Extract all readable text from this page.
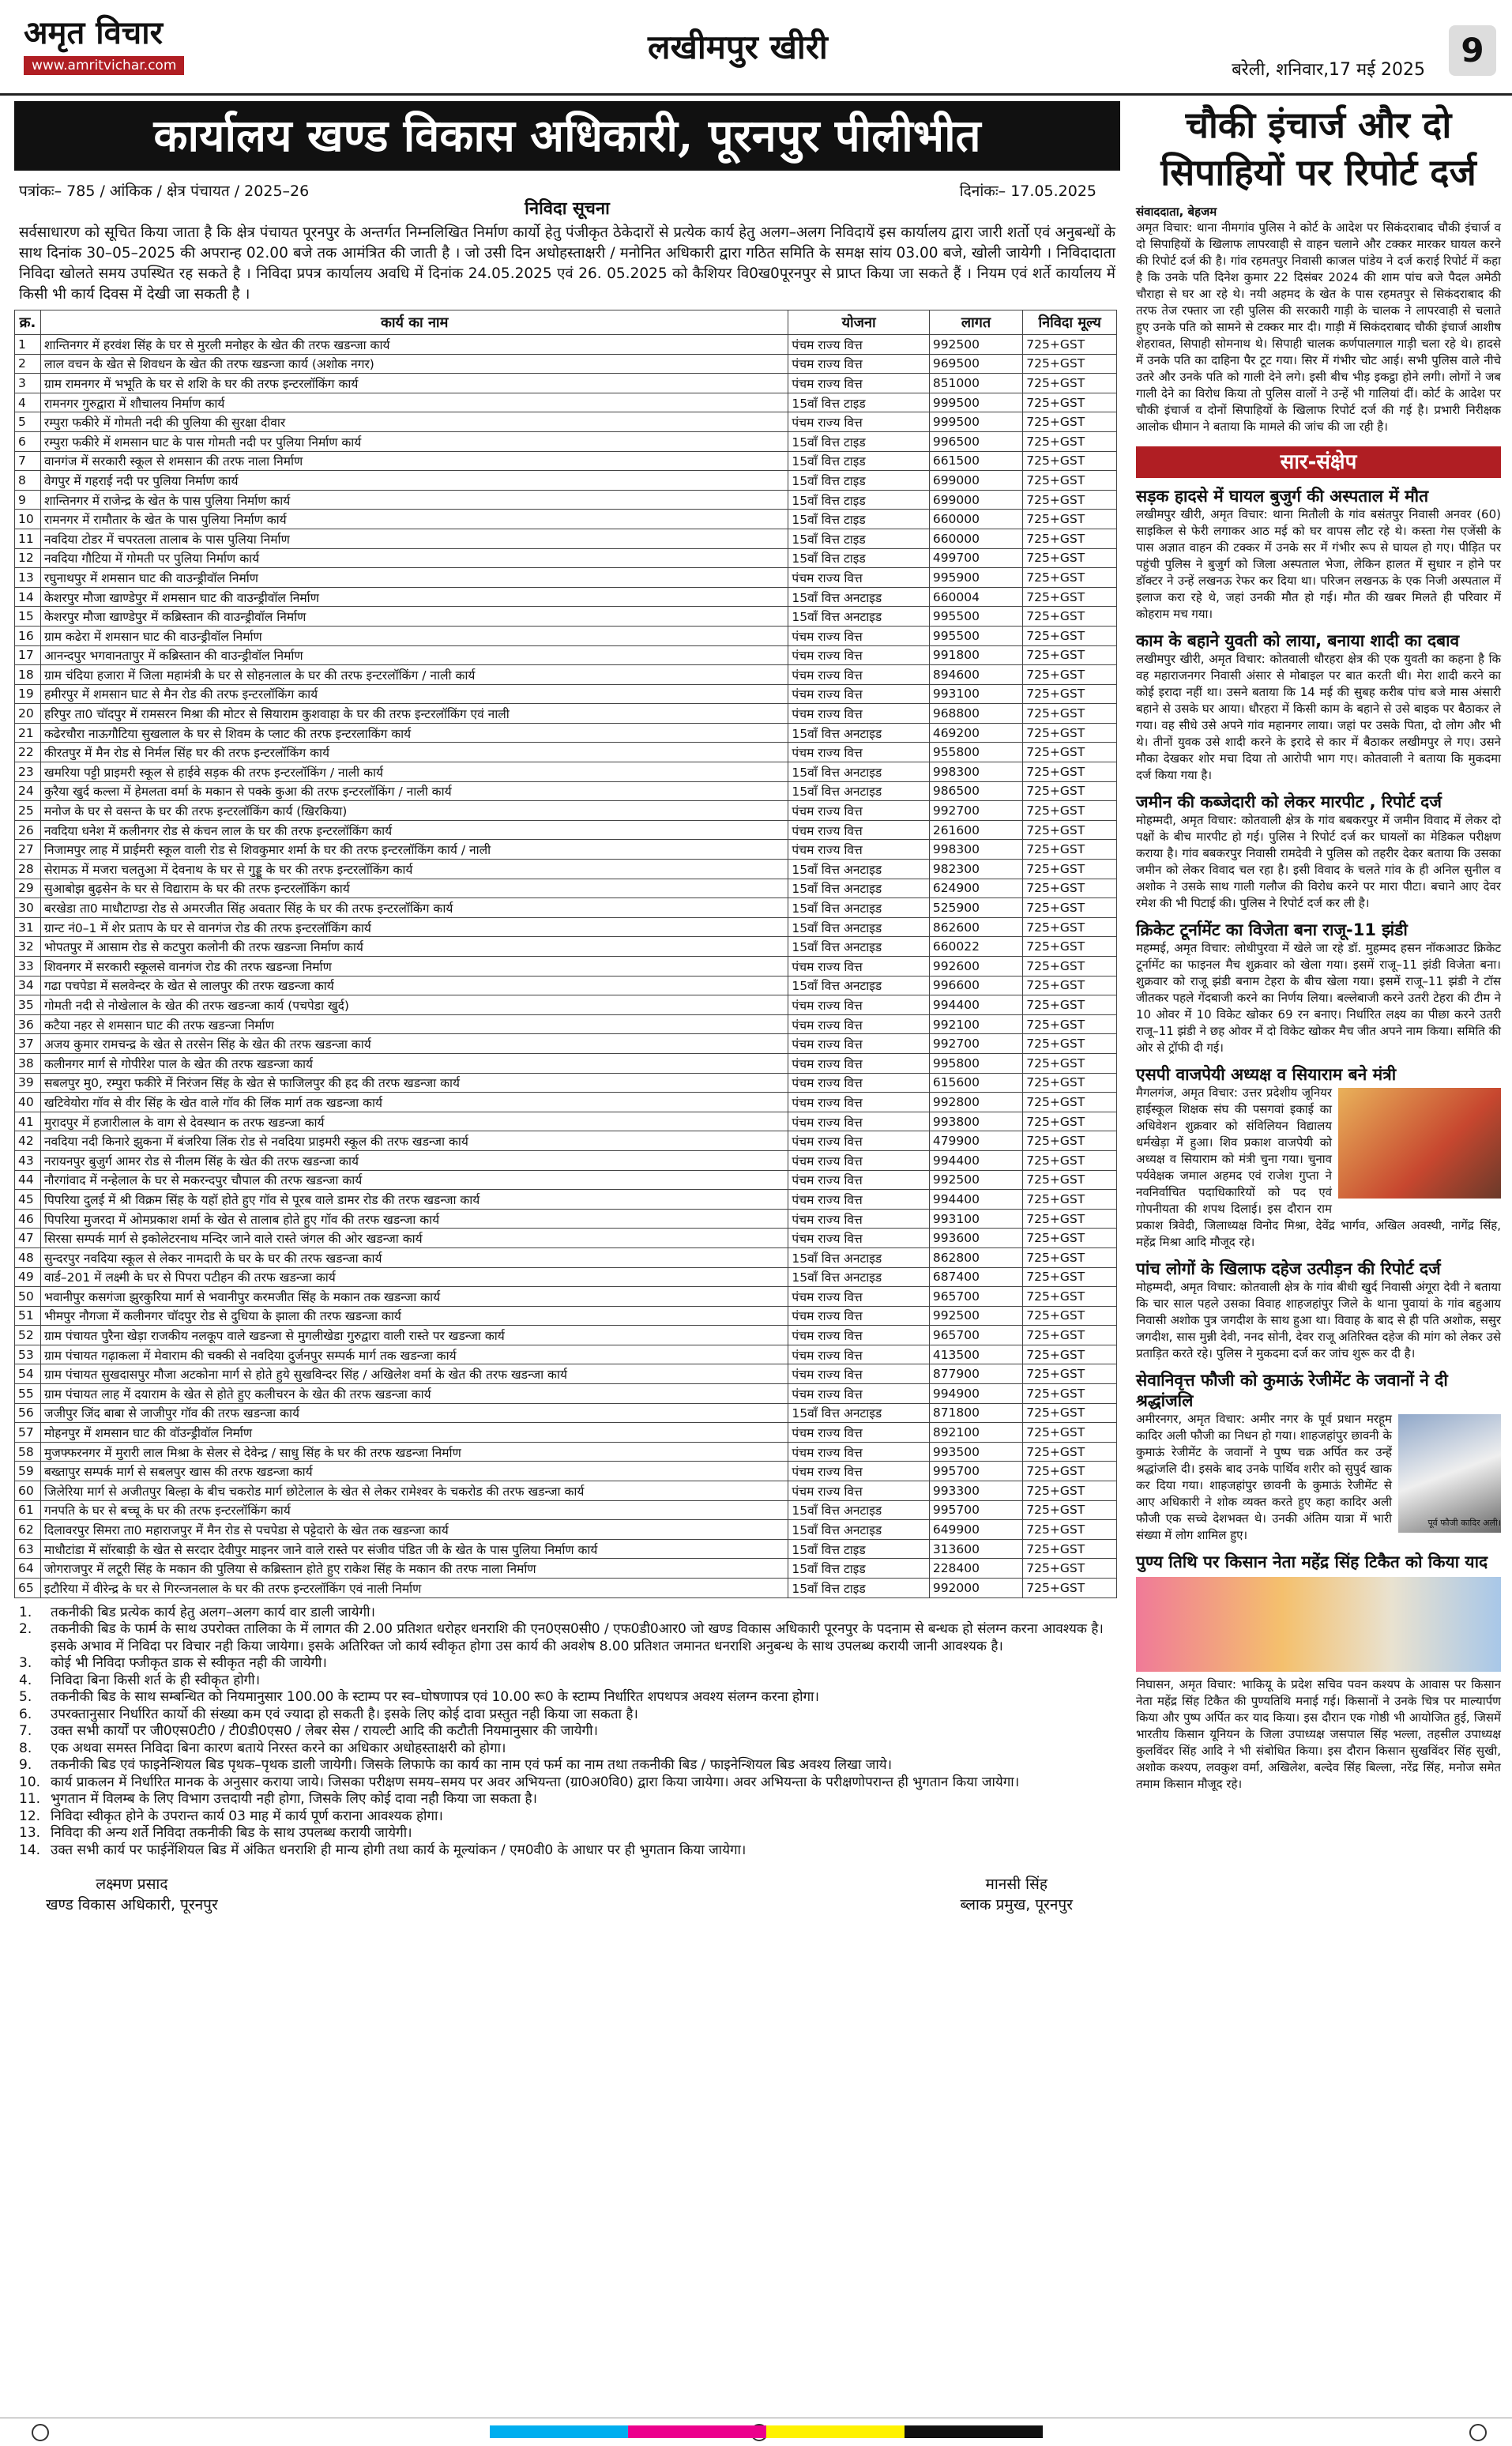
अमृत विचार
www.amritvichar.com	लखीमपुर खीरी
बरेली, शनिवार,17 मई 2025
9
कार्यालय खण्ड विकास अधिकारी, पूरनपुर पीलीभीत
पत्रांकः– 785 / आंकिक / क्षेत्र पंचायत / 2025–26	दिनांकः– 17.05.2025
निविदा सूचना
सर्वसाधारण को सूचित किया जाता है कि क्षेत्र पंचायत पूरनपुर के अन्तर्गत निम्नलिखित निर्माण कार्यो हेतु पंजीकृत ठेकेदारों से प्रत्येक कार्य हेतु अलग–अलग निविदायें इस कार्यालय द्वारा जारी शर्तो एवं अनुबन्धों के साथ दिनांक 30–05–2025 की अपरान्ह 02.00 बजे तक आमंत्रित की जाती है । जो उसी दिन अधोहस्ताक्षरी / मनोनित अधिकारी द्वारा गठित समिति के समक्ष सांय 03.00 बजे, खोली जायेगी । निविदादाता निविदा खोलते समय उपस्थित रह सकते है । निविदा प्रपत्र कार्यालय अवधि में दिनांक 24.05.2025 एवं 26. 05.2025 को कैशियर वि0ख0पूरनपुर से प्राप्त किया जा सकते हैं । नियम एवं शर्ते कार्यालय में किसी भी कार्य दिवस में देखी जा सकती है ।
क्र.	कार्य का नाम	योजना	लागत	निविदा मूल्य
1	शान्तिनगर में हरवंश सिंह के घर से मुरली मनोहर के खेत की तरफ खडन्जा कार्य	पंचम राज्य वित्त	992500	725+GST
2	लाल वचन के खेत से शिवधन के खेत की तरफ खडन्जा कार्य (अशोक नगर)	पंचम राज्य वित्त	969500	725+GST
3	ग्राम रामनगर में भभूति के घर से शशि के घर की तरफ इन्टरलॉकिंग कार्य	पंचम राज्य वित्त	851000	725+GST
4	रामनगर गुरुद्वारा में शौचालय निर्माण कार्य	15वॉं वित्त टाइड	999500	725+GST
5	रम्पुरा फकीरे में गोमती नदी की पुलिया की सुरक्षा दीवार	पंचम राज्य वित्त	999500	725+GST
6	रम्पुरा फकीरे में शमसान घाट के पास गोमती नदी पर पुलिया निर्माण कार्य	15वॉं वित्त टाइड	996500	725+GST
7	वानगंज में सरकारी स्कूल से शमसान की तरफ नाला निर्माण	15वॉं वित्त टाइड	661500	725+GST
8	वेगपुर में गहराई नदी पर पुलिया निर्माण कार्य	15वॉं वित्त टाइड	699000	725+GST
9	शान्तिनगर में राजेन्द्र के खेत के पास पुलिया निर्माण कार्य	15वॉं वित्त टाइड	699000	725+GST
10	रामनगर में रामौतार के खेत के पास पुलिया निर्माण कार्य	15वॉं वित्त टाइड	660000	725+GST
11	नवदिया टोडर में चपरतला तालाब के पास पुलिया निर्माण	15वॉं वित्त टाइड	660000	725+GST
12	नवदिया गौटिया में गोमती पर पुलिया निर्माण कार्य	15वॉं वित्त टाइड	499700	725+GST
13	रघुनाथपुर में शमसान घाट की वाउन्ड्रीवॉल निर्माण	पंचम राज्य वित्त	995900	725+GST
14	केशरपुर मौजा खाण्डेपुर में शमसान घाट की वाउन्ड्रीवॉल निर्माण	15वॉं वित्त अनटाइड	660004	725+GST
15	केशरपुर मौजा खाण्डेपुर में कब्रिस्तान की वाउन्ड्रीवॉल निर्माण	15वॉं वित्त अनटाइड	995500	725+GST
16	ग्राम कढेरा में शमसान घाट की वाउन्ड्रीवॉल निर्माण	पंचम राज्य वित्त	995500	725+GST
17	आनन्दपुर भगवानतापुर में कब्रिस्तान की वाउन्ड्रीवॉल निर्माण	पंचम राज्य वित्त	991800	725+GST
18	ग्राम चंदिया हजारा में जिला महामंत्री के घर से सोहनलाल के घर की तरफ इन्टरलॉकिंग / नाली कार्य	पंचम राज्य वित्त	894600	725+GST
19	हमीरपुर में शमसान घाट से मैन रोड की तरफ इन्टरलॉकिंग कार्य	पंचम राज्य वित्त	993100	725+GST
20	हरिपुर ता0 चॉदपुर में रामसरन मिश्रा की मोटर से सियाराम कुशवाहा के घर की तरफ इन्टरलॉकिंग एवं नाली	पंचम राज्य वित्त	968800	725+GST
21	कढेरचौरा नाऊगौटिया सुखलाल के घर से शिवम के प्लाट की तरफ इन्टरलाकिंग कार्य	15वॉं वित्त अनटाइड	469200	725+GST
22	कीरतपुर में मैन रोड से निर्मल सिंह घर की तरफ इन्टरलॉकिंग कार्य	पंचम राज्य वित्त	955800	725+GST
23	खमरिया पट्टी प्राइमरी स्कूल से हाईवे सड़क की तरफ इन्टरलॉकिंग / नाली कार्य	15वॉं वित्त अनटाइड	998300	725+GST
24	कुरैया खुर्द कल्ला में हेमलता वर्मा के मकान से पक्के कुआ की तरफ इन्टरलॉकिंग / नाली कार्य	15वॉं वित्त अनटाइड	986500	725+GST
25	मनोज के घर से वसन्त के घर की तरफ इन्टरलॉकिंग कार्य (खिरकिया)	पंचम राज्य वित्त	992700	725+GST
26	नवदिया धनेश में कलीनगर रोड से कंचन लाल के घर की तरफ इन्टरलॉकिंग कार्य	पंचम राज्य वित्त	261600	725+GST
27	निजामपुर लाह में प्राईमरी स्कूल वाली रोड से शिवकुमार शर्मा के घर की तरफ इन्टरलॉकिंग कार्य / नाली	पंचम राज्य वित्त	998300	725+GST
28	सेरामऊ में मजरा चलतुआ में देवनाथ के घर से गुड्डू के घर की तरफ इन्टरलॉकिंग कार्य	15वॉं वित्त अनटाइड	982300	725+GST
29	सुआबोझ बुढ़सेन के घर से विद्याराम के घर की तरफ इन्टरलॉकिंग कार्य	15वॉं वित्त अनटाइड	624900	725+GST
30	बरखेडा ता0 माधौटाण्डा रोड से अमरजीत सिंह अवतार सिंह के घर की तरफ इन्टरलॉकिंग कार्य	15वॉं वित्त अनटाइड	525900	725+GST
31	ग्रान्ट नं0–1 में शेर प्रताप के घर से वानगंज रोड की तरफ इन्टरलॉकिंग कार्य	15वॉं वित्त अनटाइड	862600	725+GST
32	भोपतपुर में आसाम रोड से कटपुरा कलोनी की तरफ खडन्जा निर्माण कार्य	15वॉं वित्त अनटाइड	660022	725+GST
33	शिवनगर में सरकारी स्कूलसे वानगंज रोड की तरफ खडन्जा निर्माण	पंचम राज्य वित्त	992600	725+GST
34	गढा पचपेडा में सलवेन्दर के खेत से लालपुर की तरफ खडन्जा कार्य	15वॉं वित्त अनटाइड	996600	725+GST
35	गोमती नदी से नोखेलाल के खेत की तरफ खडन्जा कार्य (पचपेडा खुर्द)	पंचम राज्य वित्त	994400	725+GST
36	कटैया नहर से शमसान घाट की तरफ खडन्जा निर्माण	पंचम राज्य वित्त	992100	725+GST
37	अजय कुमार रामचन्द्र के खेत से तरसेन सिंह के खेत की तरफ खडन्जा कार्य	पंचम राज्य वित्त	992700	725+GST
38	कलीनगर मार्ग से गोपीरेश पाल के खेत की तरफ खडन्जा कार्य	पंचम राज्य वित्त	995800	725+GST
39	सबलपुर मु0, रम्पुरा फकीरे में निरंजन सिंह के खेत से फाजिलपुर की हद की तरफ खडन्जा कार्य	पंचम राज्य वित्त	615600	725+GST
40	खटिवेयोरा गॉव से वीर सिंह के खेत वाले गॉव की लिंक मार्ग तक खडन्जा कार्य	पंचम राज्य वित्त	992800	725+GST
41	मुरादपुर में हजारीलाल के वाग से देवस्थान क तरफ खडन्जा कार्य	पंचम राज्य वित्त	993800	725+GST
42	नवदिया नदी किनारे झुकना में बंजरिया लिंक रोड से नवदिया प्राइमरी स्कूल की तरफ खडन्जा कार्य	पंचम राज्य वित्त	479900	725+GST
43	नरायनपुर बुजुर्ग आमर रोड से नीलम सिंह के खेत की तरफ खडन्जा कार्य	पंचम राज्य वित्त	994400	725+GST
44	नौरगांवाद में नन्हेलाल के घर से मकरन्दपुर चौपाल की तरफ खडन्जा कार्य	पंचम राज्य वित्त	992500	725+GST
45	पिपरिया दुलई में श्री विक्रम सिंह के यहॉ होते हुए गॉव से पूरब वाले डामर रोड की तरफ खडन्जा कार्य	पंचम राज्य वित्त	994400	725+GST
46	पिपरिया मुजरदा में ओमप्रकाश शर्मा के खेत से तालाब होते हुए गॉव की तरफ खडन्जा कार्य	पंचम राज्य वित्त	993100	725+GST
47	सिरसा सम्पर्क मार्ग से इकोलेटरनाथ मन्दिर जाने वाले रास्ते जंगल की ओर खडन्जा कार्य	पंचम राज्य वित्त	993600	725+GST
48	सुन्दरपुर नवदिया स्कूल से लेकर नामदारी के घर के घर की तरफ खडन्जा कार्य	15वॉं वित्त अनटाइड	862800	725+GST
49	वार्ड–201 में लक्ष्मी के घर से पिपरा पटीहन की तरफ खडन्जा कार्य	15वॉं वित्त अनटाइड	687400	725+GST
50	भवानीपुर कसगंजा झुरकुरिया मार्ग से भवानीपुर करमजीत सिंह के मकान तक खडन्जा कार्य	पंचम राज्य वित्त	965700	725+GST
51	भीमपुर नौगजा में कलीनगर चॉदपुर रोड से दुधिया के झाला की तरफ खडन्जा कार्य	पंचम राज्य वित्त	992500	725+GST
52	ग्राम पंचायत पुरैना खेड़ा राजकीय नलकूप वाले खडन्जा से मुगलीखेडा गुरुद्वारा वाली रास्ते पर खडन्जा कार्य	पंचम राज्य वित्त	965700	725+GST
53	ग्राम पंचायत गढ़ाकला में मेवाराम की चक्की से नवदिया दुर्जनपुर सम्पर्क मार्ग तक खडन्जा कार्य	पंचम राज्य वित्त	413500	725+GST
54	ग्राम पंचायत सुखदासपुर मौजा अटकोना मार्ग से होते हुये सुखविन्दर सिंह / अखिलेश वर्मा के खेत की तरफ खडन्जा कार्य	पंचम राज्य वित्त	877900	725+GST
55	ग्राम पंचायत लाह में दयाराम के खेत से होते हुए कलीचरन के खेत की तरफ खडन्जा कार्य	पंचम राज्य वित्त	994900	725+GST
56	जजीपुर जिंद बाबा से जाजीपुर गॉव की तरफ खडन्जा कार्य	15वॉं वित्त अनटाइड	871800	725+GST
57	मोहनपुर में शमसान घाट की वॉउन्ड्रीवॉल निर्माण	पंचम राज्य वित्त	892100	725+GST
58	मुजफ्फरनगर में मुरारी लाल मिश्रा के सेलर से देवेन्द्र / साधु सिंह के घर की तरफ खडन्जा निर्माण	पंचम राज्य वित्त	993500	725+GST
59	बख्तापुर सम्पर्क मार्ग से सबलपुर खास की तरफ खडन्जा कार्य	पंचम राज्य वित्त	995700	725+GST
60	जिलेरिया मार्ग से अजीतपुर बिल्हा के बीच चकरोड मार्ग छोटेलाल के खेत से लेकर रामेश्वर के चकरोड की तरफ खडन्जा कार्य	पंचम राज्य वित्त	993300	725+GST
61	गनपति के घर से बच्चू के घर की तरफ इन्टरलॉकिंग कार्य	15वॉं वित्त अनटाइड	995700	725+GST
62	दिलावरपुर सिमरा ता0 महाराजपुर में मैन रोड से पचपेडा से पट्टेदारो के खेत तक खडन्जा कार्य	15वॉं वित्त अनटाइड	649900	725+GST
63	माधौटांडा में सॉरबाड़ी के खेत से सरदार देवीपुर माइनर जाने वाले रास्ते पर संजीव पंडित जी के खेत के पास पुलिया निर्माण कार्य	15वॉं वित्त टाइड	313600	725+GST
64	जोगराजपुर में लटूरी सिंह के मकान की पुलिया से कब्रिस्तान होते हुए राकेश सिंह के मकान की तरफ नाला निर्माण	15वॉं वित्त टाइड	228400	725+GST
65	इटौरिया में वीरेन्द्र के घर से गिरन्जनलाल के घर की तरफ इन्टरलॉकिंग एवं नाली निर्माण	15वॉं वित्त टाइड	992000	725+GST
1.	तकनीकी बिड प्रत्येक कार्य हेतु अलग–अलग कार्य वार डाली जायेगी।
2.	तकनीकी बिड के फार्म के साथ उपरोक्त तालिका के में लागत की 2.00 प्रतिशत धरोहर धनराशि की एन0एस0सी0 / एफ0डी0आर0 जो खण्ड विकास अधिकारी पूरनपुर के पदनाम से बन्धक हो संलग्न करना आवश्यक है। इसके अभाव में निविदा पर विचार नही किया जायेगा। इसके अतिरिक्त जो कार्य स्वीकृत होगा उस कार्य की अवशेष 8.00 प्रतिशत जमानत धनराशि अनुबन्ध के साथ उपलब्ध करायी जानी आवश्यक है।
3.	कोई भी निविदा फ्जीकृत डाक से स्वीकृत नही की जायेगी।
4.	निविदा बिना किसी शर्त के ही स्वीकृत होगी।
5.	तकनीकी बिड के साथ सम्बन्धित को नियमानुसार 100.00 के स्टाम्प पर स्व–घोषणापत्र एवं 10.00 रू0 के स्टाम्प निर्धारित शपथपत्र अवश्य संलग्न करना होगा।
6.	उपरक्तानुसार निर्धारित कार्यो की संख्या कम एवं ज्यादा हो सकती है। इसके लिए कोई दावा प्रस्तुत नही किया जा सकता है।
7.	उक्त सभी कार्यों पर जी0एस0टी0 / टी0डी0एस0 / लेबर सेस / रायल्टी आदि की कटौती नियमानुसार की जायेगी।
8.	एक अथवा समस्त निविदा बिना कारण बताये निरस्त करने का अधिकार अधोहस्ताक्षरी को होगा।
9.	तकनीकी बिड एवं फाइनेन्शियल बिड पृथक–पृथक डाली जायेगी। जिसके लिफाफे का कार्य का नाम एवं फर्म का नाम तथा तकनीकी बिड / फाइनेन्शियल बिड अवश्य लिखा जाये।
10. कार्य प्राकलन में निर्धारित मानक के अनुसार कराया जाये। जिसका परीक्षण समय–समय पर अवर अभियन्ता (ग्रा0अ0वि0) द्वारा किया जायेगा। अवर अभियन्ता के परीक्षणोपरान्त ही भुगतान किया जायेगा।
11. भुगतान में विलम्ब के लिए विभाग उत्तदायी नही होगा, जिसके लिए कोई दावा नही किया जा सकता है।
12. निविदा स्वीकृत होने के उपरान्त कार्य 03 माह में कार्य पूर्ण कराना आवश्यक होगा।
13. निविदा की अन्य शर्ते निविदा तकनीकी बिड के साथ उपलब्ध करायी जायेगी।
14. उक्त सभी कार्य पर फाईनेंशियल बिड में अंकित धनराशि ही मान्य होगी तथा कार्य के मूल्यांकन / एम0वी0 के आधार पर ही भुगतान किया जायेगा।
लक्ष्मण प्रसाद
खण्ड विकास अधिकारी, पूरनपुर
मानसी सिंह
ब्लाक प्रमुख, पूरनपुर
चौकी इंचार्ज और दो सिपाहियों पर रिपोर्ट दर्ज
संवाददाता, बेहजम
अमृत विचार: थाना नीमगांव पुलिस ने कोर्ट के आदेश पर सिकंदराबाद चौकी इंचार्ज व दो सिपाहियों के खिलाफ लापरवाही से वाहन चलाने और टक्कर मारकर घायल करने की रिपोर्ट दर्ज की है। गांव रहमतपुर निवासी काजल पांडेय ने दर्ज कराई रिपोर्ट में कहा है कि उनके पति दिनेश कुमार 22 दिसंबर 2024 की शाम पांच बजे पैदल अमेठी चौराहा से घर आ रहे थे। नयी अहमद के खेत के पास रहमतपुर से सिकंदराबाद की तरफ तेज रफ्तार जा रही पुलिस की सरकारी गाड़ी के चालक ने लापरवाही से चलाते हुए उनके पति को सामने से टक्कर मार दी। गाड़ी में सिकंदराबाद चौकी इंचार्ज आशीष शेहरावत, सिपाही सोमनाथ थे। सिपाही चालक कर्णपालगाल गाड़ी चला रहे थे। हादसे में उनके पति का दाहिना पैर टूट गया। सिर में गंभीर चोट आई। सभी पुलिस वाले नीचे उतरे और उनके पति को गाली देने लगे। इसी बीच भीड़ इकट्ठा होने लगी। लोगों ने जब गाली देने का विरोध किया तो पुलिस वालों ने उन्हें भी गालियां दीं। कोर्ट के आदेश पर चौकी इंचार्ज व दोनों सिपाहियों के खिलाफ रिपोर्ट दर्ज की गई है। प्रभारी निरीक्षक आलोक धीमान ने बताया कि मामले की जांच की जा रही है।
सार-संक्षेप
सड़क हादसे में घायल बुजुर्ग की अस्पताल में मौत
लखीमपुर खीरी, अमृत विचार: थाना मितौली के गांव बसंतपुर निवासी अनवर (60) साइकिल से फेरी लगाकर आठ मई को घर वापस लौट रहे थे। कस्ता गेस एजेंसी के पास अज्ञात वाहन की टक्कर में उनके सर में गंभीर रूप से घायल हो गए। पीड़ित पर पहुंची पुलिस ने बुजुर्ग को जिला अस्पताल भेजा, लेकिन हालत में सुधार न होने पर डॉक्टर ने उन्हें लखनऊ रेफर कर दिया था। परिजन लखनऊ के एक निजी अस्पताल में इलाज करा रहे थे, जहां उनकी मौत हो गई। मौत की खबर मिलते ही परिवार में कोहराम मच गया।
काम के बहाने युवती को लाया, बनाया शादी का दबाव
लखीमपुर खीरी, अमृत विचार: कोतवाली धौरहरा क्षेत्र की एक युवती का कहना है कि वह महाराजनगर निवासी अंसार से मोबाइल पर बात करती थी। मेरा शादी करने का कोई इरादा नहीं था। उसने बताया कि 14 मई की सुबह करीब पांच बजे मास अंसारी बहाने से उसके घर आया। धौरहरा में किसी काम के बहाने से उसे बाइक पर बैठाकर ले गया। वह सीधे उसे अपने गांव महानगर लाया। जहां पर उसके पिता, दो लोग और भी थे। तीनों युवक उसे शादी करने के इरादे से कार में बैठाकर लखीमपुर ले गए। उसने मौका देखकर शोर मचा दिया तो आरोपी भाग गए। कोतवाली ने बताया कि मुकदमा दर्ज किया गया है।
जमीन की कब्जेदारी को लेकर मारपीट , रिपोर्ट दर्ज
मोहम्मदी, अमृत विचार: कोतवाली क्षेत्र के गांव बबकरपुर में जमीन विवाद में लेकर दो पक्षों के बीच मारपीट हो गई। पुलिस ने रिपोर्ट दर्ज कर घायलों का मेडिकल परीक्षण कराया है। गांव बबकरपुर निवासी रामदेवी ने पुलिस को तहरीर देकर बताया कि उसका जमीन को लेकर विवाद चल रहा है। इसी विवाद के चलते गांव के ही अनिल सुनील व अशोक ने उसके साथ गाली गलौज की विरोध करने पर मारा पीटा। बचाने आए देवर रमेश की भी पिटाई की। पुलिस ने रिपोर्ट दर्ज कर ली है।
क्रिकेट टूर्नामेंट का विजेता बना राजू-11 झंडी
महम्मई, अमृत विचार: लोधीपुरवा में खेले जा रहे डॉ. मुहम्मद हसन नॉकआउट क्रिकेट टूर्नामेंट का फाइनल मैच शुक्रवार को खेला गया। इसमें राजू–11 झंडी विजेता बना। शुक्रवार को राजू झंडी बनाम टेहरा के बीच खेला गया। इसमें राजू–11 झंडी ने टॉस जीतकर पहले गेंदबाजी करने का निर्णय लिया। बल्लेबाजी करने उतरी टेहरा की टीम ने 10 ओवर में 10 विकेट खोकर 69 रन बनाए। निर्धारित लक्ष्य का पीछा करने उतरी राजू–11 झंडी ने छह ओवर में दो विकेट खोकर मैच जीत अपने नाम किया। समिति की ओर से ट्रॉफी दी गई।
एसपी वाजपेयी अध्यक्ष व सियाराम बने मंत्री
मैगलगंज, अमृत विचार: उत्तर प्रदेशीय जूनियर हाईस्कूल शिक्षक संघ की पसगवां इकाई का अधिवेशन शुक्रवार को संविलियन विद्यालय धर्मखेड़ा में हुआ। शिव प्रकाश वाजपेयी को अध्यक्ष व सियाराम को मंत्री चुना गया। चुनाव पर्यवेक्षक जमाल अहमद एवं राजेश गुप्ता ने नवनिर्वाचित पदाधिकारियों को पद एवं गोपनीयता की शपथ दिलाई। इस दौरान राम प्रकाश त्रिवेदी, जिलाध्यक्ष विनोद मिश्रा, देवेंद्र भार्गव, अखिल अवस्थी, नागेंद्र सिंह, महेंद्र मिश्रा आदि मौजूद रहे।
पांच लोगों के खिलाफ दहेज उत्पीड़न की रिपोर्ट दर्ज
मोहम्मदी, अमृत विचार: कोतवाली क्षेत्र के गांव बीधी खुर्द निवासी अंगूरा देवी ने बताया कि चार साल पहले उसका विवाह शाहजहांपुर जिले के थाना पुवायां के गांव बहुआय निवासी अशोक पुत्र जगदीश के साथ हुआ था। विवाह के बाद से ही पति अशोक, ससुर जगदीश, सास मुन्नी देवी, ननद सोनी, देवर राजू अतिरिक्त दहेज की मांग को लेकर उसे प्रताड़ित करते रहे। पुलिस ने मुकदमा दर्ज कर जांच शुरू कर दी है।
सेवानिवृत्त फौजी को कुमाऊं रेजीमेंट के जवानों ने दी श्रद्धांजलि
पूर्व फौजी कादिर अली।
अमीरनगर, अमृत विचार: अमीर नगर के पूर्व प्रधान मरहूम कादिर अली फौजी का निधन हो गया। शाहजहांपुर छावनी के कुमाऊं रेजीमेंट के जवानों ने पुष्प चक्र अर्पित कर उन्हें श्रद्धांजलि दी। इसके बाद उनके पार्थिव शरीर को सुपुर्द खाक कर दिया गया। शाहजहांपुर छावनी के कुमाऊं रेजीमेंट से आए अधिकारी ने शोक व्यक्त करते हुए कहा कादिर अली फौजी एक सच्चे देशभक्त थे। उनकी अंतिम यात्रा में भारी संख्या में लोग शामिल हुए।
पुण्य तिथि पर किसान नेता महेंद्र सिंह टिकैत को किया याद
निघासन, अमृत विचार: भाकियू के प्रदेश सचिव पवन कश्यप के आवास पर किसान नेता महेंद्र सिंह टिकैत की पुण्यतिथि मनाई गई। किसानों ने उनके चित्र पर माल्यार्पण किया और पुष्प अर्पित कर याद किया। इस दौरान एक गोष्ठी भी आयोजित हुई, जिसमें भारतीय किसान यूनियन के जिला उपाध्यक्ष जसपाल सिंह भल्ला, तहसील उपाध्यक्ष कुलविंदर सिंह आदि ने भी संबोधित किया। इस दौरान किसान सुखविंदर सिंह सुखी, अशोक कश्यप, लवकुश वर्मा, अखिलेश, बल्देव सिंह बिल्ला, नरेंद्र सिंह, मनोज समेत तमाम किसान मौजूद रहे।
